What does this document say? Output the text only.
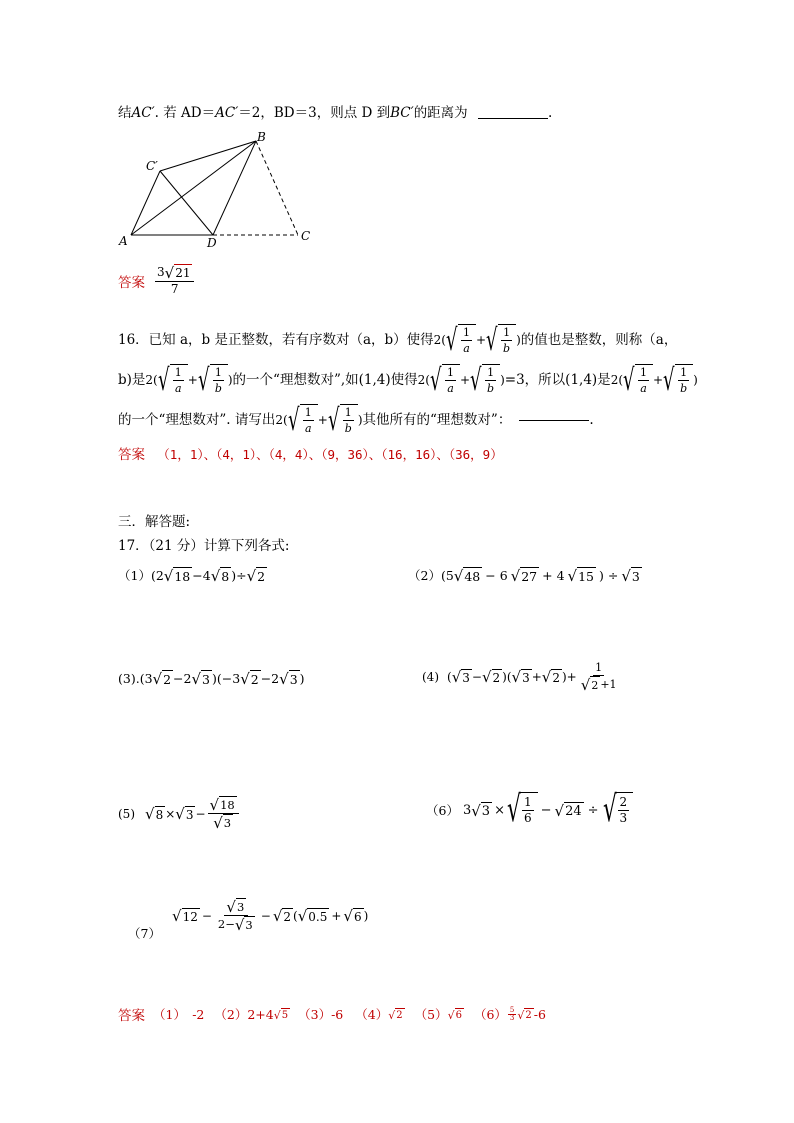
结AC′. 若 AD＝AC′＝2，BD＝3，则点 D 到BC′的距离为	.
A
B
C
C′
D
答案 $\frac{3 √ 21}{7}$
16．已知 a，b 是正整数，若有序数对（a，b）使得 2( √ $\frac{1}{a}$ + √ $\frac{1}{b}$ ) 的值也是整数，则称（a，
b)是 2( √ $\frac{1}{a}$ + √ $\frac{1}{b}$ ) 的一个“理想数对”,如(1,4)使得 2( √ $\frac{1}{a}$ + √ $\frac{1}{b}$ ) =3，所以(1,4)是 2( √ $\frac{1}{a}$ + √ $\frac{1}{b}$ )
的一个“理想数对”. 请写出 2( √ $\frac{1}{a}$ + √ $\frac{1}{b}$ ) 其他所有的“理想数对”：	.
答案 （1，1）、（4，1）、（4，4）、（9，36）、（16，16）、（36，9）
三．解答题:
17．（21 分）计算下列各式:
（1） (2 √ 18 −4 √ 8 )÷ √ 2	（2） (5 √ 48 − 6 √ 27 + 4 √ 15 ) ÷ √ 3
(3). (3 √ 2 −2 √ 3 )(−3 √ 2 −2 √ 3 )	(4) ( √ 3 − √ 2 )( √ 3 + √ 2 )+ $\frac{1}{√ 2 +1}$
(5) √ 8 × √ $3 - \frac{√ 18}{√ 3}$	（6） 3 √ 3 × √ $\frac{1}{6}$ − √ 24 ÷ √ $\frac{2}{3}$
（7）
√ $12 - \frac{√ 3}{2- √ 3}$ − √ 2 ( √ 0.5 + √ 6 )
答案 （1）　-2 （2）2+4 √ 5 （3）-6 （4） √ 2 （5） √ 6 $(6) \frac{5}{3}$ √ 2 -6
